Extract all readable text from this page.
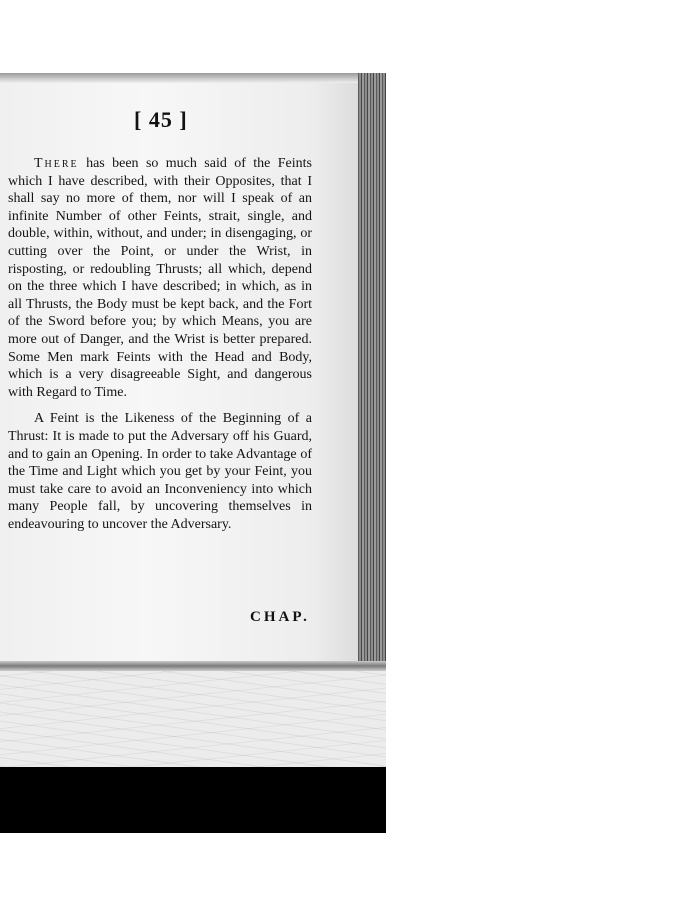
[ 45 ]

There has been so much said of the Feints which I have described, with their Opposites, that I shall say no more of them, nor will I speak of an infinite Number of other Feints, strait, single, and double, within, without, and under; in disengaging, or cutting over the Point, or under the Wrist, in risposting, or redoubling Thrusts; all which, depend on the three which I have described; in which, as in all Thrusts, the Body must be kept back, and the Fort of the Sword before you; by which Means, you are more out of Danger, and the Wrist is better prepared. Some Men mark Feints with the Head and Body, which is a very disagreeable Sight, and dangerous with Regard to Time.

A Feint is the Likeness of the Beginning of a Thrust: It is made to put the Adversary off his Guard, and to gain an Opening. In order to take Advantage of the Time and Light which you get by your Feint, you must take care to avoid an Inconveniency into which many People fall, by uncovering themselves in endeavouring to uncover the Adversary.

CHAP.
